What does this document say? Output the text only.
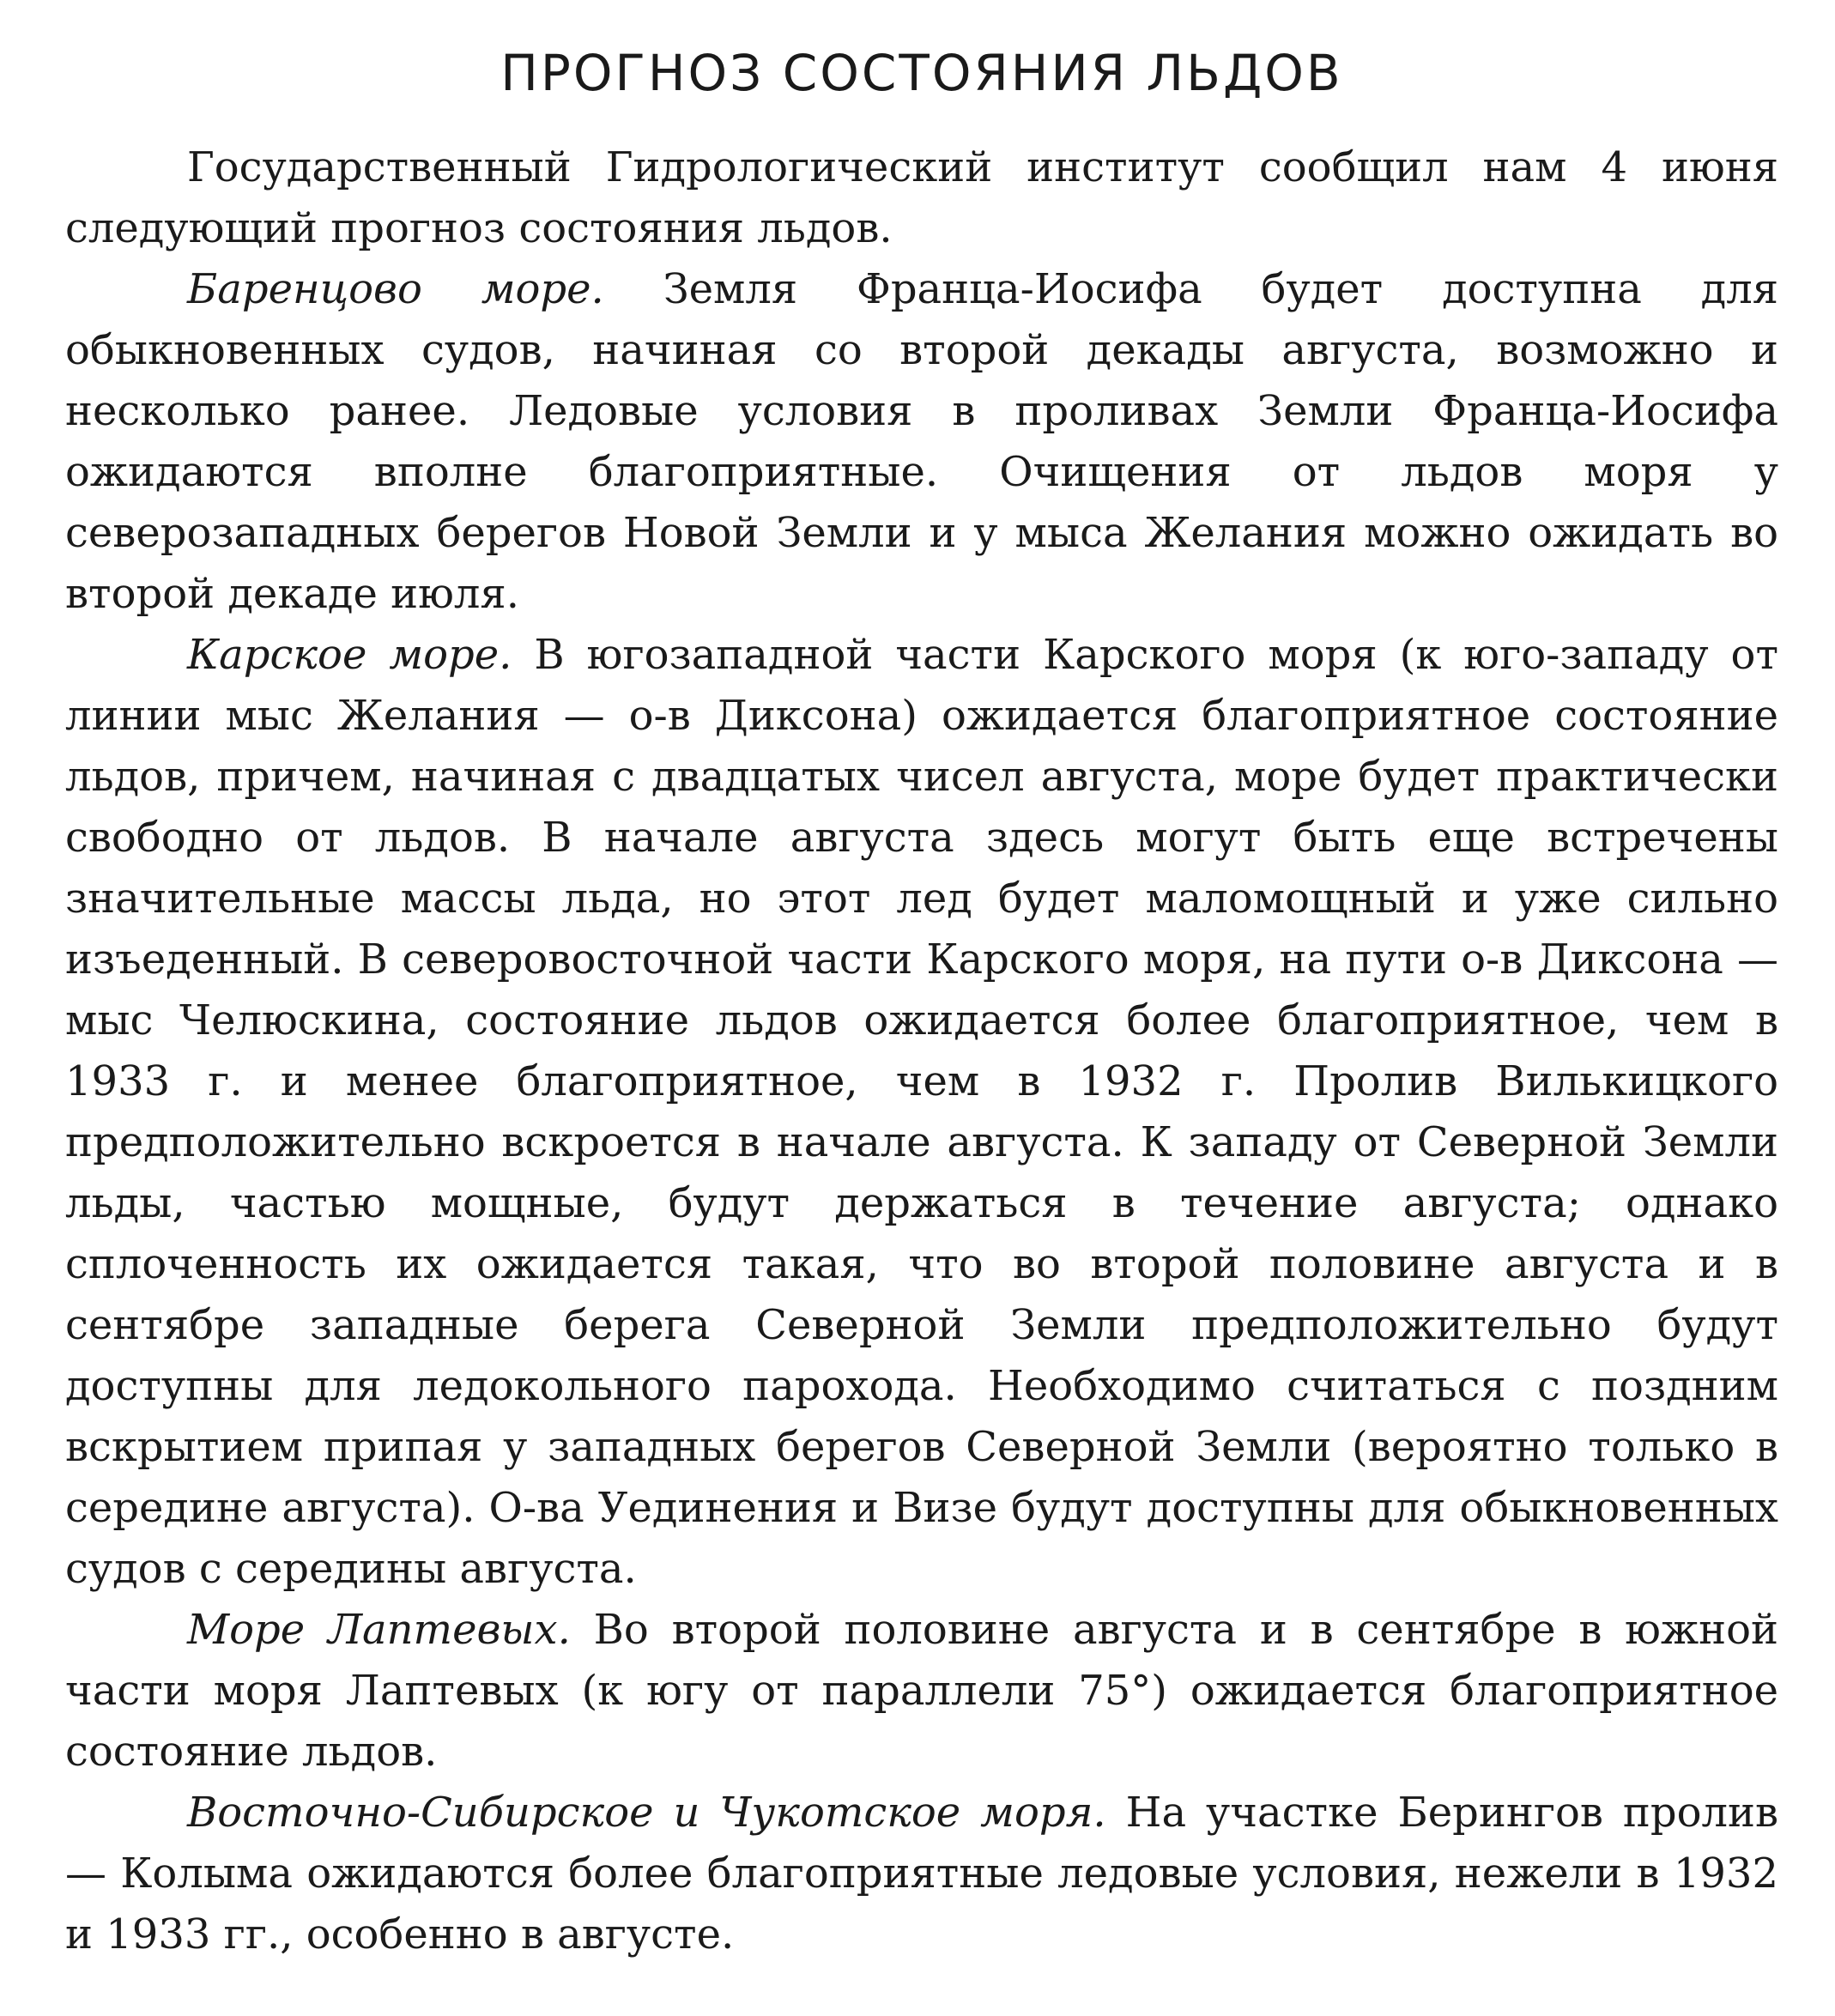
ПРОГНОЗ СОСТОЯНИЯ ЛЬДОВ

Государственный Гидрологический институт сообщил нам 4 июня следующий прогноз состояния льдов.

Баренцово море. Земля Франца-Иосифа будет доступна для обыкновенных судов, начиная со второй декады августа, возможно и несколько ранее. Ледовые условия в проливах Земли Франца-Иосифа ожидаются вполне благоприятные. Очищения от льдов моря у северозападных берегов Новой Земли и у мыса Желания можно ожидать во второй декаде июля.

Карское море. В югозападной части Карского моря (к юго-западу от линии мыс Желания — о-в Диксона) ожидается благоприятное состояние льдов, причем, начиная с двадцатых чисел августа, море будет практически свободно от льдов. В начале августа здесь могут быть еще встречены значительные массы льда, но этот лед будет маломощный и уже сильно изъеденный. В северовосточной части Карского моря, на пути о-в Диксона — мыс Челюскина, состояние льдов ожидается более благоприятное, чем в 1933 г. и менее благоприятное, чем в 1932 г. Пролив Вилькицкого предположительно вскроется в начале августа. К западу от Северной Земли льды, частью мощные, будут держаться в течение августа; однако сплоченность их ожидается такая, что во второй половине августа и в сентябре западные берега Северной Земли предположительно будут доступны для ледокольного парохода. Необходимо считаться с поздним вскрытием припая у западных берегов Северной Земли (вероятно только в середине августа). О-ва Уединения и Визе будут доступны для обыкновенных судов с середины августа.

Море Лаптевых. Во второй половине августа и в сентябре в южной части моря Лаптевых (к югу от параллели 75°) ожидается благоприятное состояние льдов.

Восточно-Сибирское и Чукотское моря. На участке Берингов пролив — Колыма ожидаются более благоприятные ледовые условия, нежели в 1932 и 1933 гг., особенно в августе.
